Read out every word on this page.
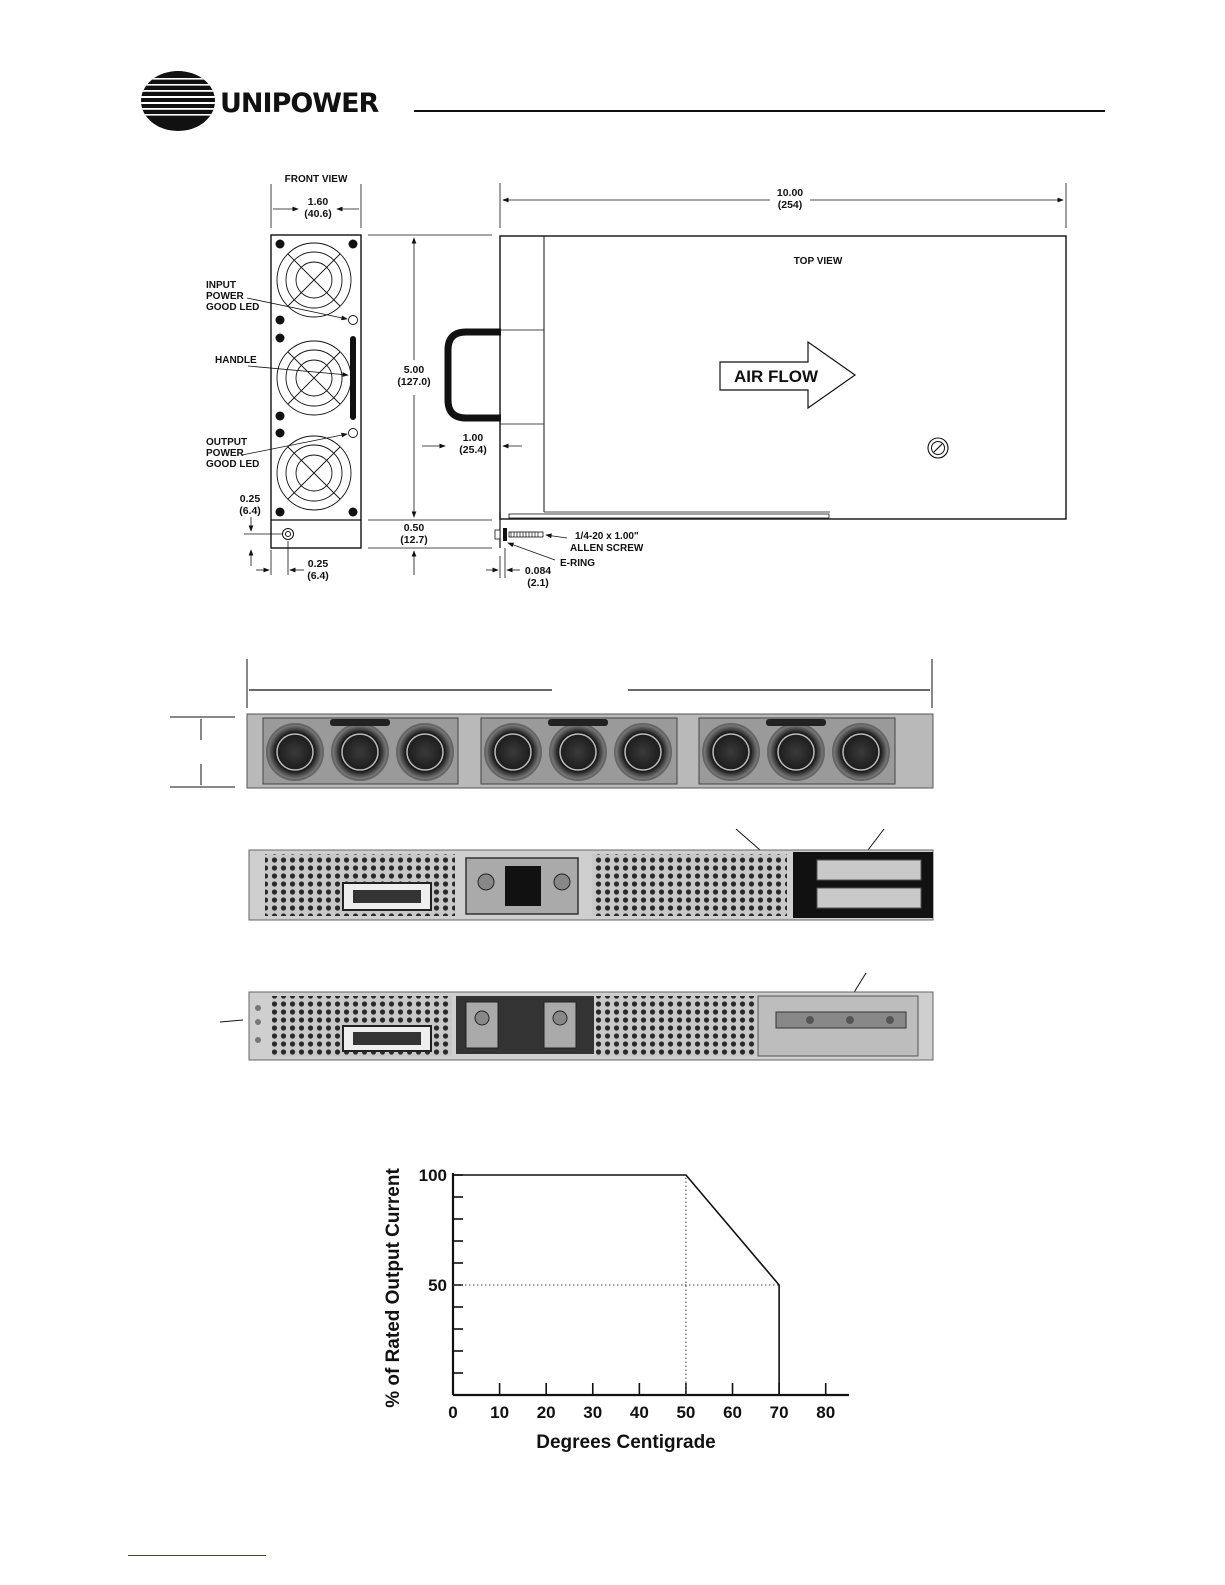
UNIPOWER
FRONT VIEW
1.60
(40.6)
INPUT
POWER
GOOD LED
HANDLE
OUTPUT
POWER
GOOD LED
0.25
(6.4)
0.25
(6.4)
5.00
(127.0)
0.50
(12.7)
10.00
(254)
TOP VIEW
AIR FLOW
1.00
(25.4)
1/4-20 x 1.00"
ALLEN SCREW
E-RING
0.084
(2.1)
0 10 20 30 40 50 60 70 80
50
100
Degrees Centigrade
% of Rated Output Current
